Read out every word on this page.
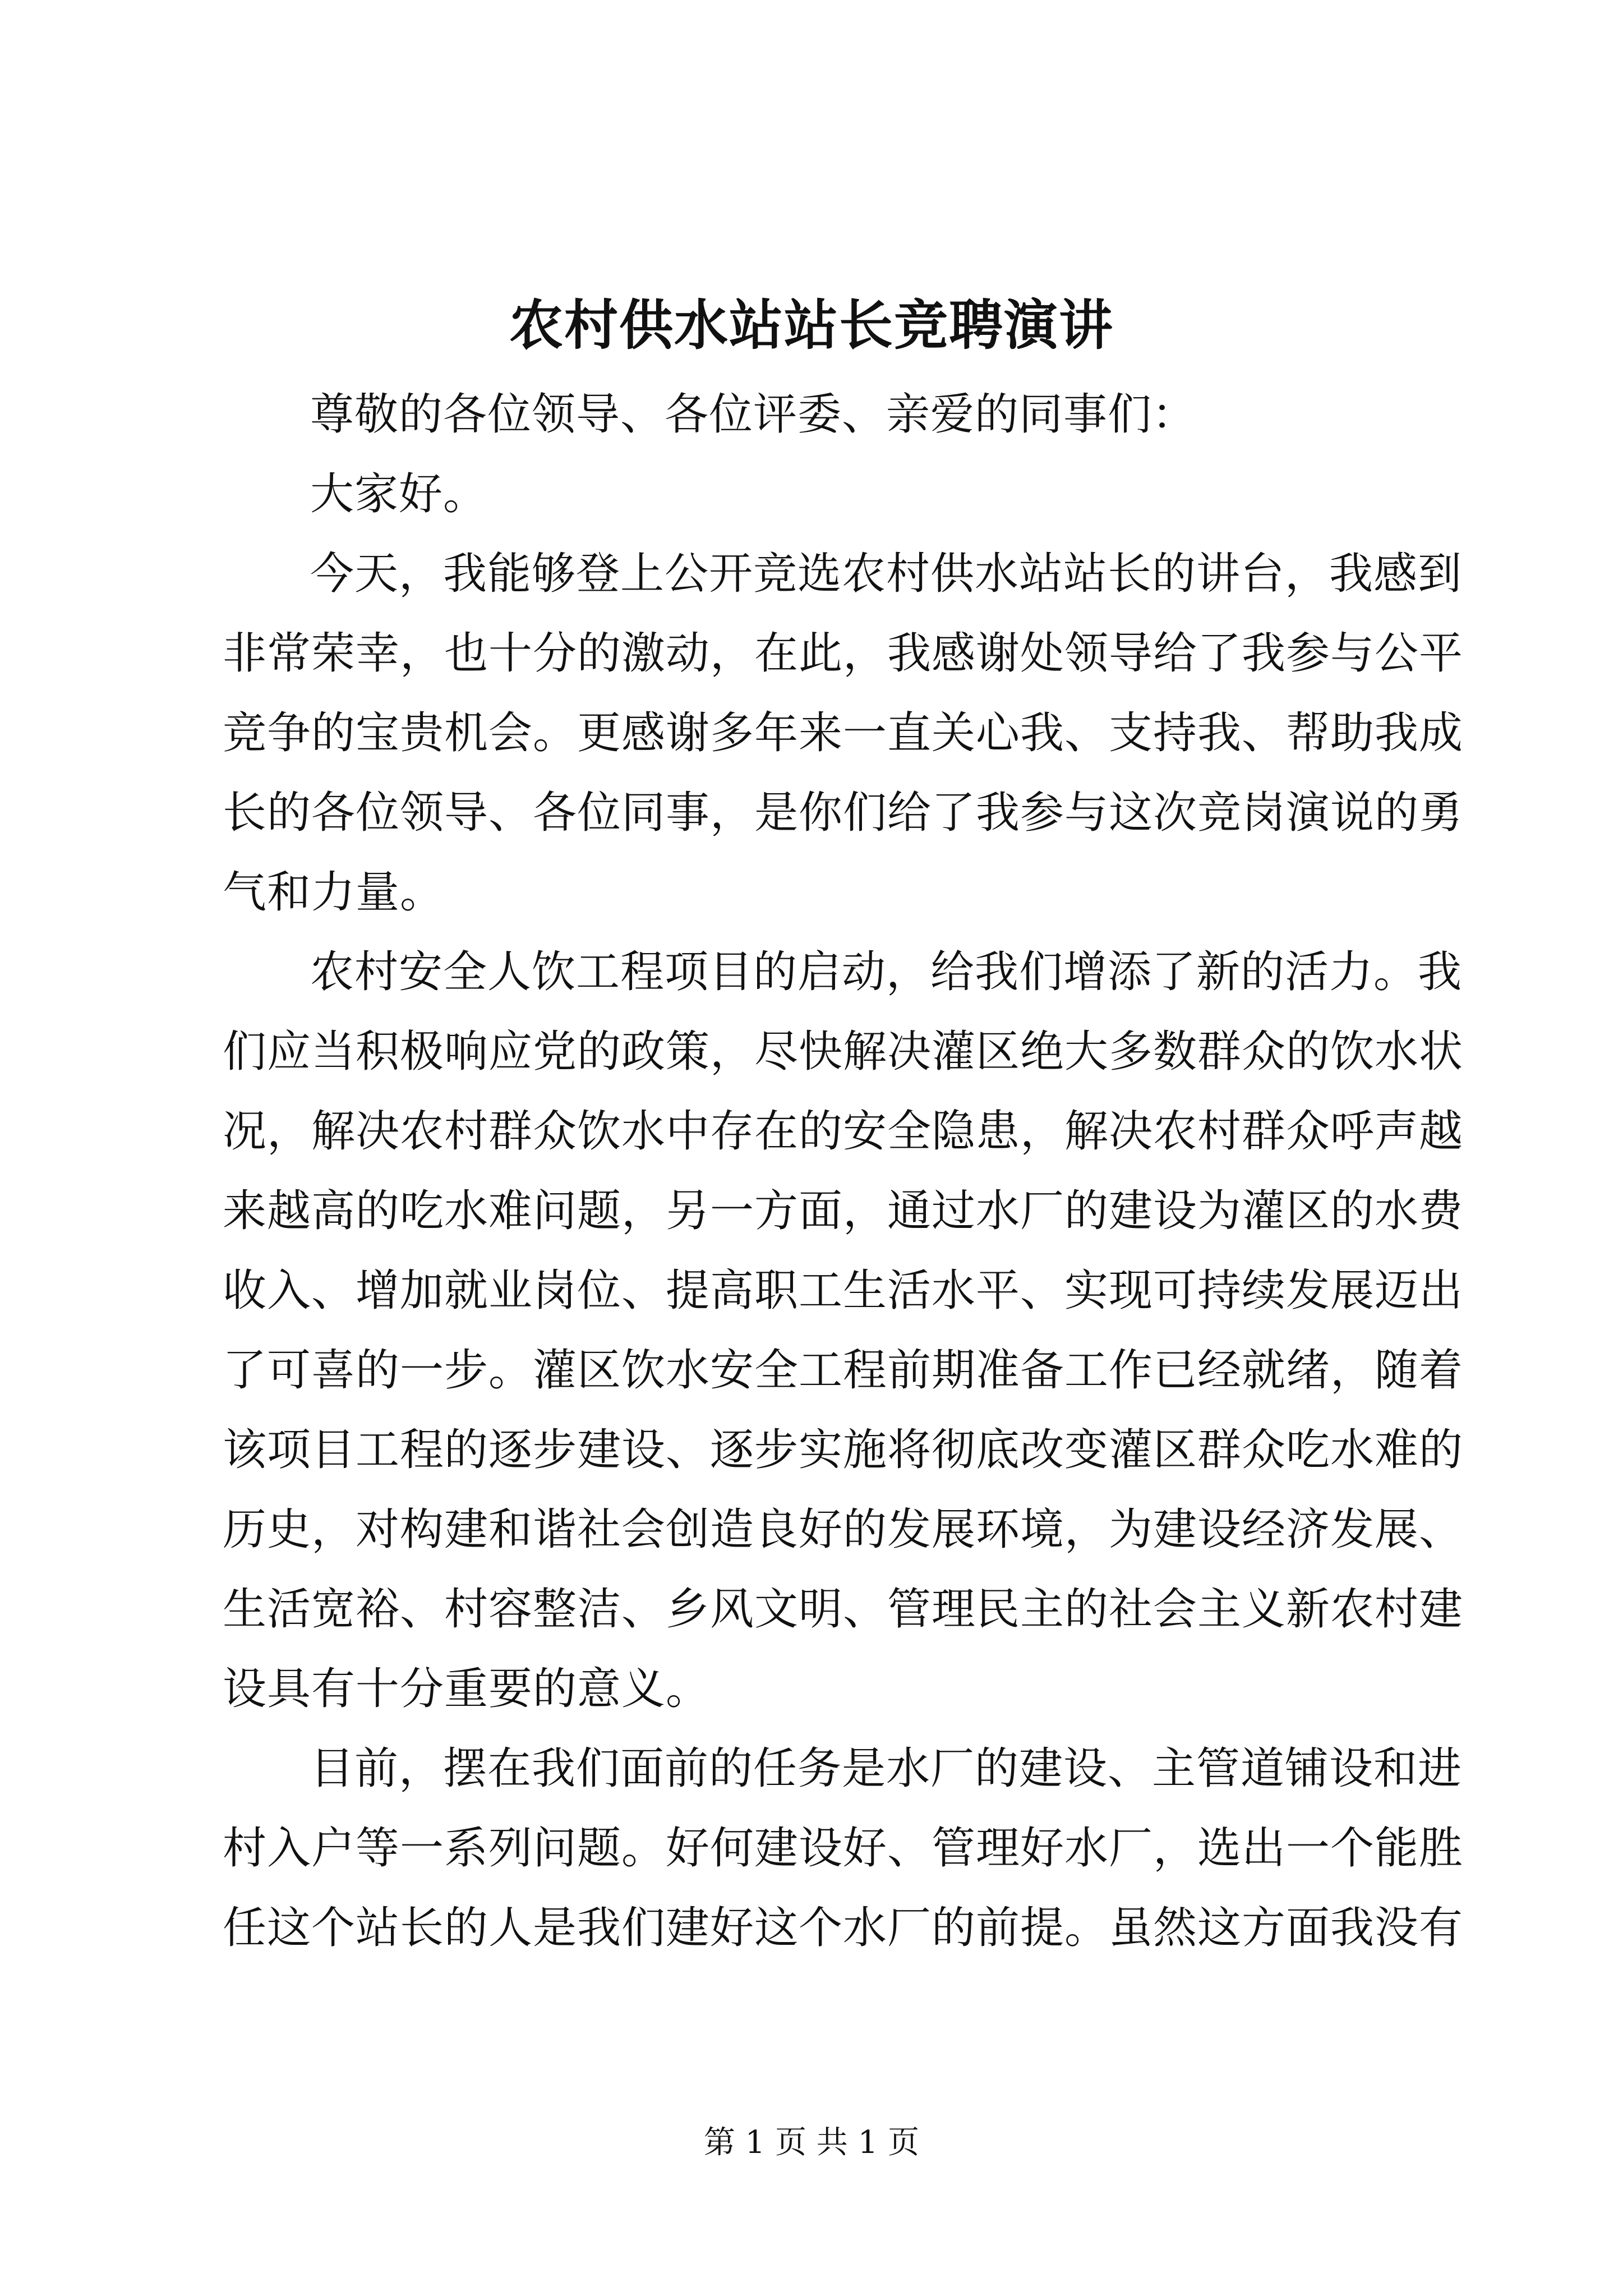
农村供水站站长竞聘演讲
尊敬的各位领导、各位评委、亲爱的同事们：
大家好。
今天，我能够登上公开竞选农村供水站站长的讲台，我感到
非常荣幸，也十分的激动，在此，我感谢处领导给了我参与公平
竞争的宝贵机会。更感谢多年来一直关心我、支持我、帮助我成
长的各位领导、各位同事，是你们给了我参与这次竞岗演说的勇
气和力量。
农村安全人饮工程项目的启动，给我们增添了新的活力。我
们应当积极响应党的政策，尽快解决灌区绝大多数群众的饮水状
况，解决农村群众饮水中存在的安全隐患，解决农村群众呼声越
来越高的吃水难问题，另一方面，通过水厂的建设为灌区的水费
收入、增加就业岗位、提高职工生活水平、实现可持续发展迈出
了可喜的一步。灌区饮水安全工程前期准备工作已经就绪，随着
该项目工程的逐步建设、逐步实施将彻底改变灌区群众吃水难的
历史，对构建和谐社会创造良好的发展环境，为建设经济发展、
生活宽裕、村容整洁、乡风文明、管理民主的社会主义新农村建
设具有十分重要的意义。
目前，摆在我们面前的任务是水厂的建设、主管道铺设和进
村入户等一系列问题。好何建设好、管理好水厂，选出一个能胜
任这个站长的人是我们建好这个水厂的前提。虽然这方面我没有
第 1 页 共 1 页
